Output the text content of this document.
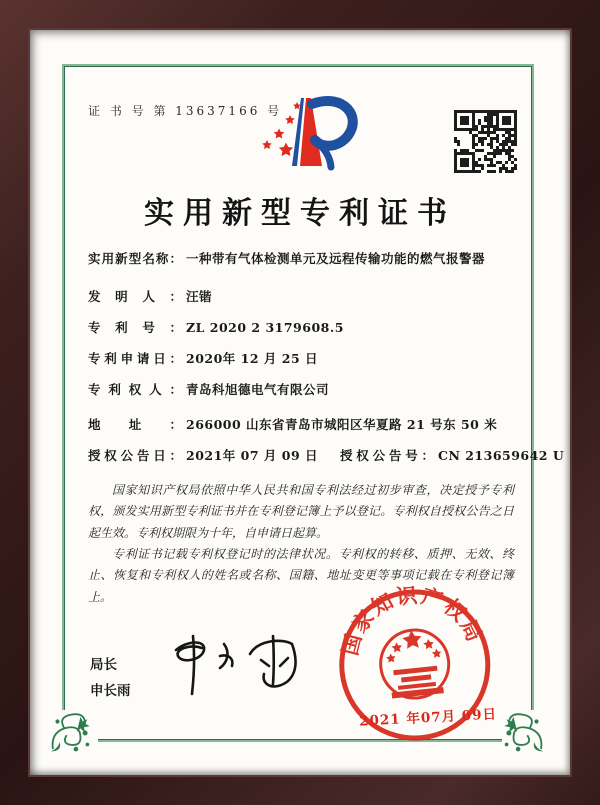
证 书 号 第 13637166 号
实用新型专利证书
实用新型名称： 一种带有气体检测单元及远程传输功能的燃气报警器
发明人： 汪锴
专利号： ZL 2020 2 3179608.5
专利申请日： 2020年 12 月 25 日
专利权人： 青岛科旭德电气有限公司
地址： 266000 山东省青岛市城阳区华夏路 21 号东 50 米
授权公告日： 2021年 07 月 09 日 授权公告号： CN 213659642 U

国家知识产权局依照中华人民共和国专利法经过初步审查，决定授予专利权，颁发实用新型专利证书并在专利登记簿上予以登记。专利权自授权公告之日起生效。专利权期限为十年，自申请日起算。

专利证书记载专利权登记时的法律状况。专利权的转移、质押、无效、终止、恢复和专利权人的姓名或名称、国籍、地址变更等事项记载在专利登记簿上。

局长
申长雨
国家知识产权局
2021 年07月 09日
